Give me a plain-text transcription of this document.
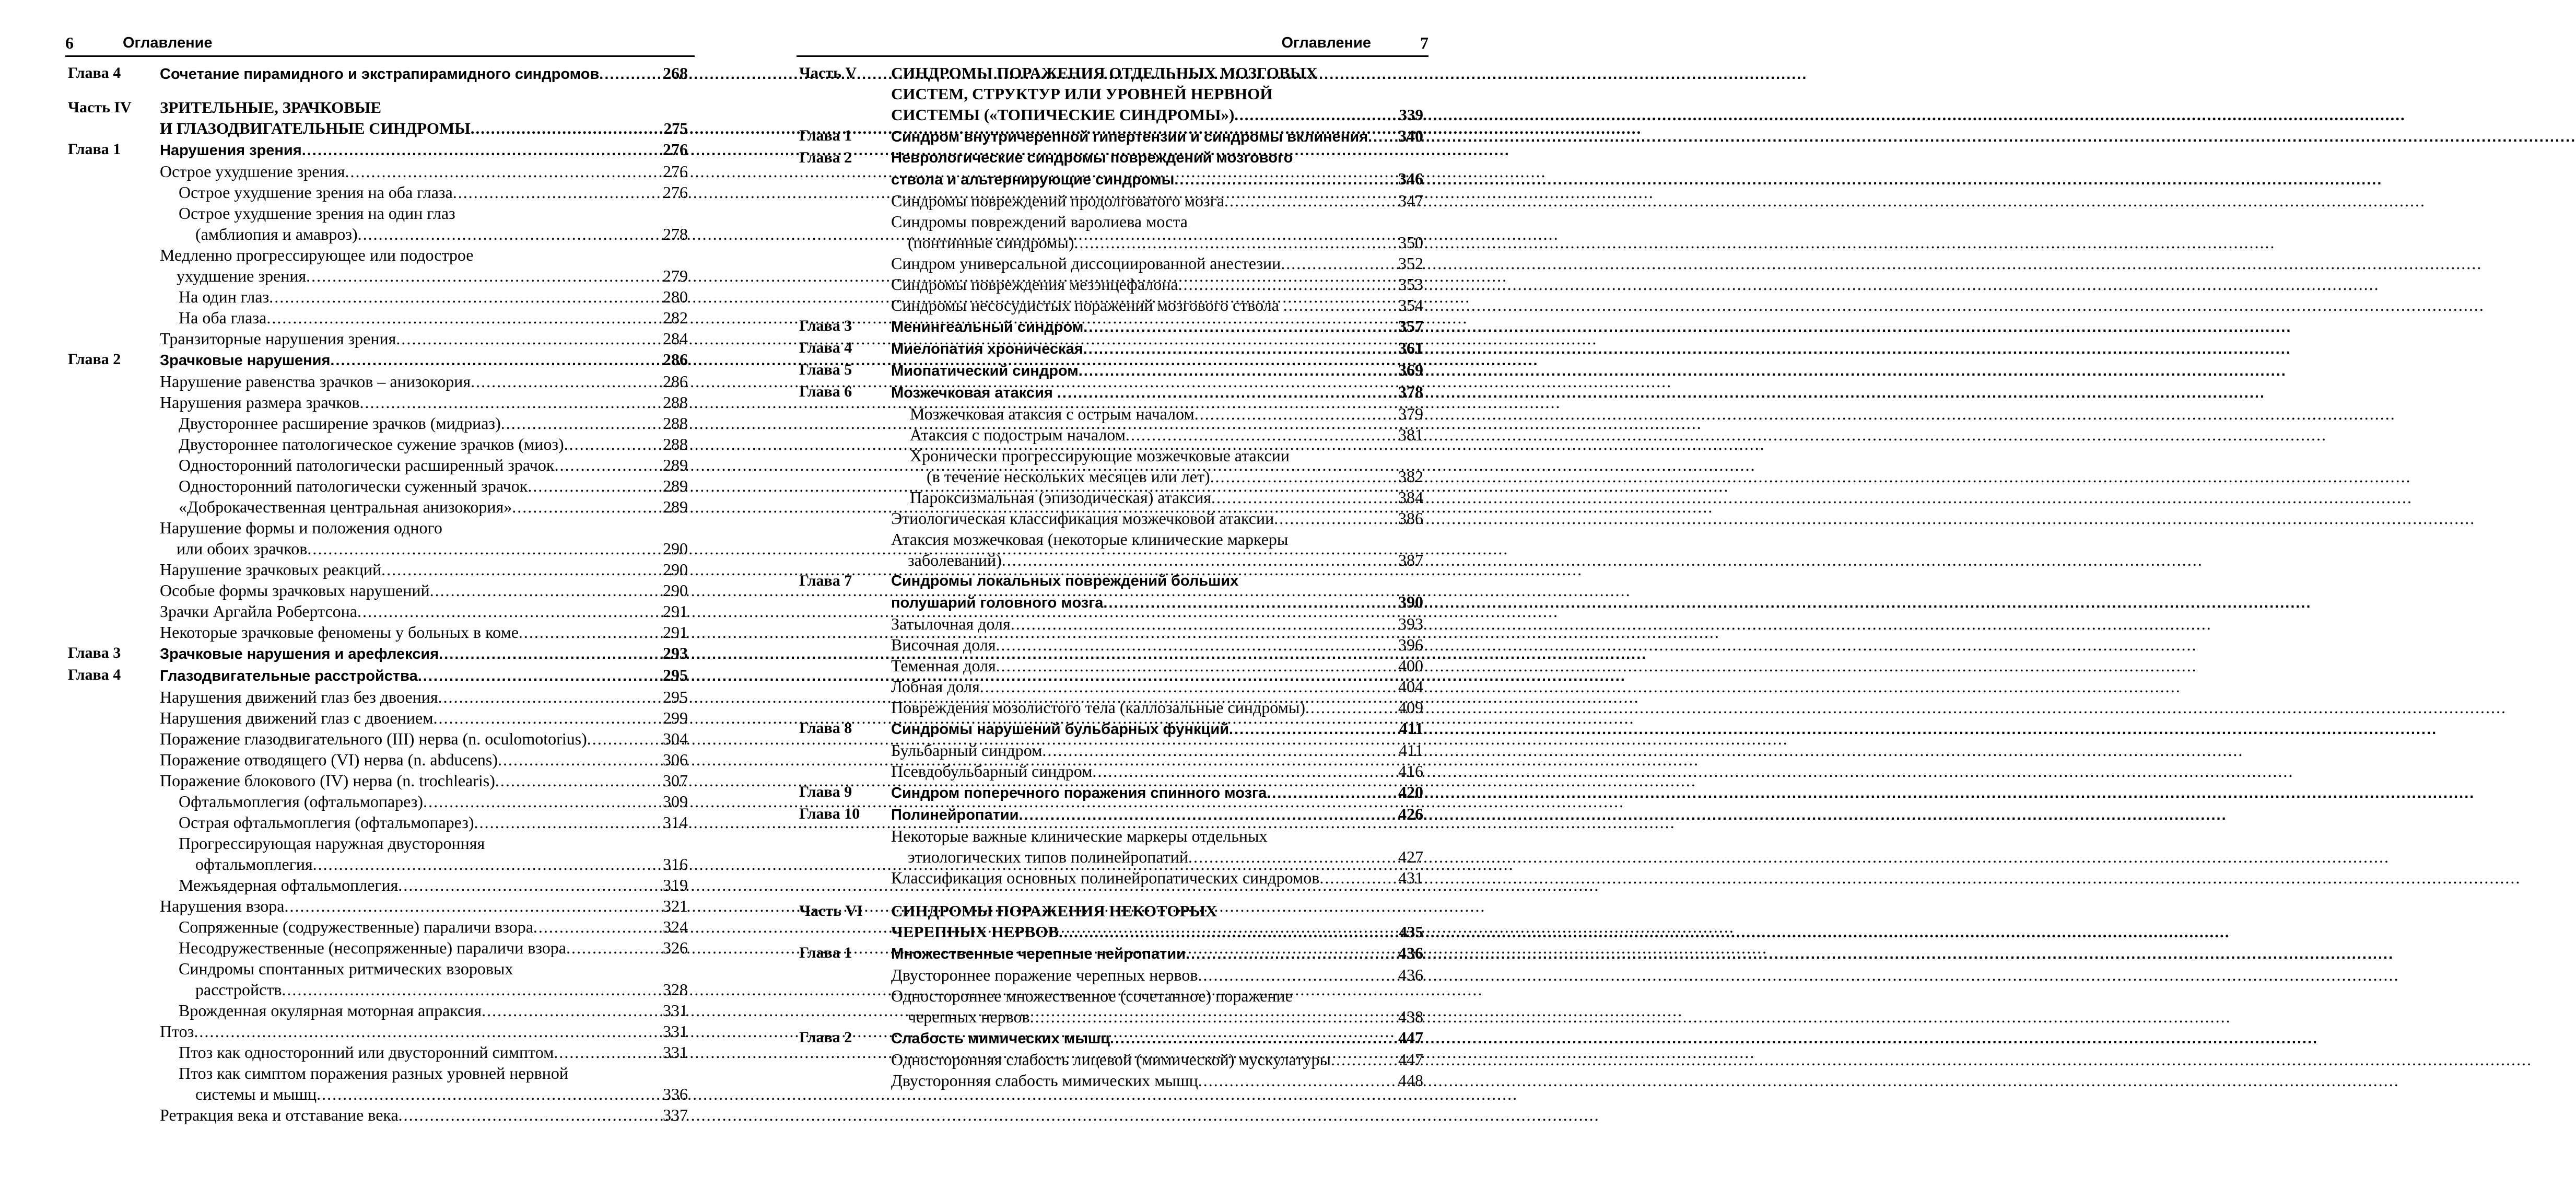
6	Оглавление
Глава 4	Сочетание пирамидного и экстрапирамидного синдромов .....	268
Часть IV ЗРИТЕЛЬНЫЕ, ЗРАЧКОВЫЕ
И ГЛАЗОДВИГАТЕЛЬНЫЕ СИНДРОМЫ .....	275
Глава 1	Нарушения зрения .....	276
Острое ухудшение зрения .....	276
Острое ухудшение зрения на оба глаза .....	276
Острое ухудшение зрения на один глаз
(амблиопия и амавроз) .....	278
Медленно прогрессирующее или подострое
ухудшение зрения .....	279
На один глаз .....	280
На оба глаза .....	282
Транзиторные нарушения зрения .....	284
Глава 2	Зрачковые нарушения .....	286
Нарушение равенства зрачков – анизокория .....	286
Нарушения размера зрачков .....	288
Двустороннее расширение зрачков (мидриаз) .....	288
Двустороннее патологическое сужение зрачков (миоз) .....	288
Односторонний патологически расширенный зрачок .....	289
Односторонний патологически суженный зрачок .....	289
«Доброкачественная центральная анизокория» .....	289
Нарушение формы и положения одного
или обоих зрачков .....	290
Нарушение зрачковых реакций .....	290
Особые формы зрачковых нарушений .....	290
Зрачки Аргайла Робертсона .....	291
Некоторые зрачковые феномены у больных в коме .....	291
Глава 3	Зрачковые нарушения и арефлексия .....	293
Глава 4	Глазодвигательные расстройства .....	295
Нарушения движений глаз без двоения .....	295
Нарушения движений глаз с двоением .....	299
Поражение глазодвигательного (III) нерва (n. oculomotorius) .....	304
Поражение отводящего (VI) нерва (n. abducens) .....	306
Поражение блокового (IV) нерва (n. trochlearis) .....	307
Офтальмоплегия (офтальмопарез) .....	309
Острая офтальмоплегия (офтальмопарез) .....	314
Прогрессирующая наружная двусторонняя
офтальмоплегия .....	316
Межъядерная офтальмоплегия .....	319
Нарушения взора .....	321
Сопряженные (содружественные) параличи взора .....	324
Несодружественные (несопряженные) параличи взора .....	326
Синдромы спонтанных ритмических взоровых
расстройств .....	328
Врожденная окулярная моторная апраксия .....	331
Птоз .....	331
Птоз как односторонний или двусторонний симптом .....	331
Птоз как симптом поражения разных уровней нервной
системы и мышц .....	336
Ретракция века и отставание века .....	337
Оглавление	7
Часть V СИНДРОМЫ ПОРАЖЕНИЯ ОТДЕЛЬНЫХ МОЗГОВЫХ
СИСТЕМ, СТРУКТУР ИЛИ УРОВНЕЙ НЕРВНОЙ
СИСТЕМЫ («ТОПИЧЕСКИЕ СИНДРОМЫ») .....	339
Глава 1	Синдром внутричерепной гипертензии и синдромы вклинения ..... 340
Глава 2	Неврологические синдромы повреждений мозгового
ствола и альтернирующие синдромы .....	346
Синдромы повреждений продолговатого мозга .....	347
Синдромы повреждений варолиева моста
(понтинные синдромы) .....	350
Синдром универсальной диссоциированной анестезии .....	352
Синдромы повреждения мезэнцефалона .....	353
Синдромы несосудистых поражений мозгового ствола .....	354
Глава 3	Менингеальный синдром .....	357
Глава 4	Миелопатия хроническая .....	361
Глава 5	Миопатический синдром .....	369
Глава 6	Мозжечковая атаксия .....	378
Мозжечковая атаксия с острым началом .....	379
Атаксия с подострым началом .....	381
Хронически прогрессирующие мозжечковые атаксии
(в течение нескольких месяцев или лет) .....	382
Пароксизмальная (эпизодическая) атаксия .....	384
Этиологическая классификация мозжечковой атаксии .....	386
Атаксия мозжечковая (некоторые клинические маркеры
заболеваний) .....	387
Глава 7	Синдромы локальных повреждений больших
полушарий головного мозга .....	390
Затылочная доля .....	393
Височная доля .....	396
Теменная доля .....	400
Лобная доля .....	404
Повреждения мозолистого тела (каллозальные синдромы) .....	409
Глава 8	Синдромы нарушений бульбарных функций .....	411
Бульбарный синдром .....	411
Псевдобульбарный синдром .....	416
Глава 9	Синдром поперечного поражения спинного мозга .....	420
Глава 10 Полинейропатии .....	426
Некоторые важные клинические маркеры отдельных
этиологических типов полинейропатий .....	427
Классификация основных полинейропатических синдромов .....	431
Часть VI СИНДРОМЫ ПОРАЖЕНИЯ НЕКОТОРЫХ
ЧЕРЕПНЫХ НЕРВОВ .....	435
Глава 1	Множественные черепные нейропатии .....	436
Двустороннее поражение черепных нервов .....	436
Одностороннее множественное (сочетанное) поражение
черепных нервов .....	438
Глава 2	Слабость мимических мышц .....	447
Односторонняя слабость лицевой (мимической) мускулатуры .....	447
Двусторонняя слабость мимических мышц .....	448
